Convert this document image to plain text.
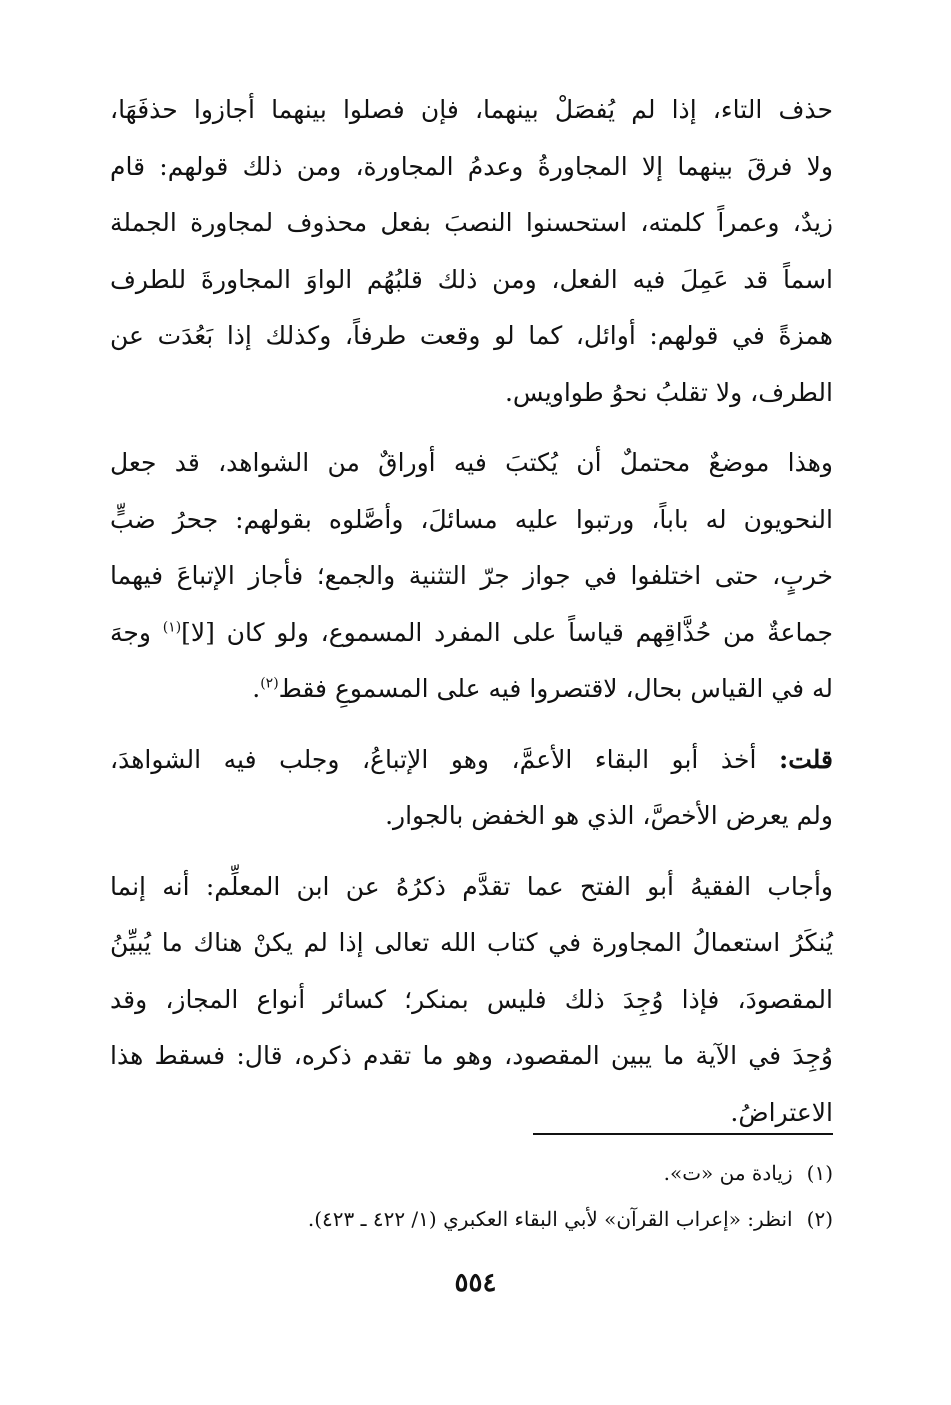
حذف التاء، إذا لم يُفصَلْ بينهما، فإن فصلوا بينهما أجازوا حذفَهَا،
ولا فرقَ بينهما إلا المجاورةُ وعدمُ المجاورة، ومن ذلك قولهم: قام
زيدٌ، وعمراً كلمته، استحسنوا النصبَ بفعل محذوف لمجاورة الجملة
اسماً قد عَمِلَ فيه الفعل، ومن ذلك قلبُهُم الواوَ المجاورةَ للطرف
همزةً في قولهم: أوائل، كما لو وقعت طرفاً، وكذلك إذا بَعُدَت عن
الطرف، ولا تقلبُ نحوُ طواويس.

وهذا موضعٌ محتملٌ أن يُكتبَ فيه أوراقٌ من الشواهد، قد جعل
النحويون له باباً، ورتبوا عليه مسائلَ، وأصَّلوه بقولهم: جحرُ ضبٍّ
خربٍ، حتى اختلفوا في جواز جرّ التثنية والجمع؛ فأجاز الإتباعَ فيهما
جماعةٌ من حُذَّاقِهم قياساً على المفرد المسموع، ولو كان [لا]$^{(١)}$ وجهَ
له في القياس بحال، لاقتصروا فيه على المسموعِ فقط$^{(٢)}$.

قلت: أخذ أبو البقاء الأعمَّ، وهو الإتباعُ، وجلب فيه الشواهدَ،
ولم يعرض الأخصَّ، الذي هو الخفض بالجوار.

وأجاب الفقيهُ أبو الفتح عما تقدَّم ذكرُهُ عن ابن المعلِّم: أنه إنما
يُنكَرُ استعمالُ المجاورة في كتاب الله تعالى إذا لم يكنْ هناك ما يُبيِّنُ
المقصودَ، فإذا وُجِدَ ذلك فليس بمنكر؛ كسائر أنواع المجاز، وقد
وُجِدَ في الآية ما يبين المقصود، وهو ما تقدم ذكره، قال: فسقط هذا
الاعتراضُ.

(١)زيادة من «ت».
(٢)انظر: «إعراب القرآن» لأبي البقاء العكبري (١/ ٤٢٢ ـ ٤٢٣).
٥٥٤
